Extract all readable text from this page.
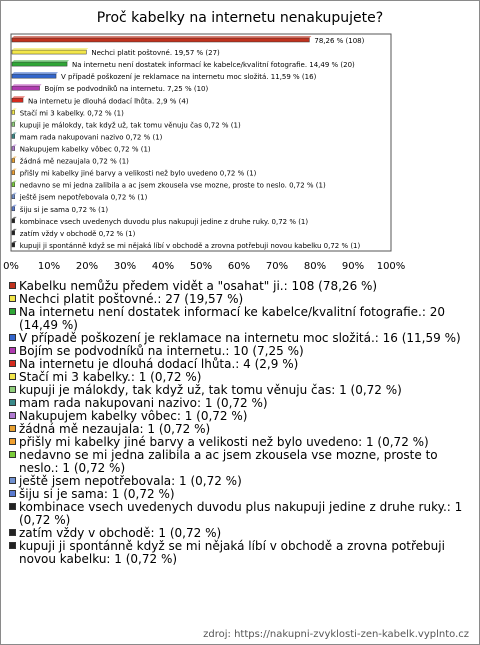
Proč kabelky na internetu nenakupujete?
78,26 % (108)
Nechci platit poštovné. 19,57 % (27)
Na internetu není dostatek informací ke kabelce/kvalitní fotografie. 14,49 % (20)
V případě poškození je reklamace na internetu moc složitá. 11,59 % (16)
Bojím se podvodníků na internetu. 7,25 % (10)
Na internetu je dlouhá dodací lhůta. 2,9 % (4)
Stačí mi 3 kabelky. 0,72 % (1)
kupuji je málokdy, tak když už, tak tomu věnuju čas 0,72 % (1)
mam rada nakupovani nazivo 0,72 % (1)
Nakupujem kabelky vôbec 0,72 % (1)
žádná mě nezaujala 0,72 % (1)
přišly mi kabelky jiné barvy a velikosti než bylo uvedeno 0,72 % (1)
nedavno se mi jedna zalibila a ac jsem zkousela vse mozne, proste to neslo. 0,72 % (1)
ještě jsem nepotřebovala 0,72 % (1)
šiju si je sama 0,72 % (1)
kombinace vsech uvedenych duvodu plus nakupuji jedine z druhe ruky. 0,72 % (1)
zatím vždy v obchodě 0,72 % (1)
kupuji ji spontánně když se mi nějaká líbí v obchodě a zrovna potřebuji novou kabelku 0,72 % (1)
0% 10% 20% 30% 40% 50% 60% 70% 80% 90% 100%
Kabelku nemůžu předem vidět a "osahat" ji.: 108 (78,26 %)
Nechci platit poštovné.: 27 (19,57 %)
Na internetu není dostatek informací ke kabelce/kvalitní fotografie.: 20 (14,49 %)
V případě poškození je reklamace na internetu moc složitá.: 16 (11,59 %)
Bojím se podvodníků na internetu.: 10 (7,25 %)
Na internetu je dlouhá dodací lhůta.: 4 (2,9 %)
Stačí mi 3 kabelky.: 1 (0,72 %)
kupuji je málokdy, tak když už, tak tomu věnuju čas: 1 (0,72 %)
mam rada nakupovani nazivo: 1 (0,72 %)
Nakupujem kabelky vôbec: 1 (0,72 %)
žádná mě nezaujala: 1 (0,72 %)
přišly mi kabelky jiné barvy a velikosti než bylo uvedeno: 1 (0,72 %)
nedavno se mi jedna zalibila a ac jsem zkousela vse mozne, proste to neslo.: 1 (0,72 %)
ještě jsem nepotřebovala: 1 (0,72 %)
šiju si je sama: 1 (0,72 %)
kombinace vsech uvedenych duvodu plus nakupuji jedine z druhe ruky.: 1 (0,72 %)
zatím vždy v obchodě: 1 (0,72 %)
kupuji ji spontánně když se mi nějaká líbí v obchodě a zrovna potřebuji novou kabelku: 1 (0,72 %)
zdroj: https://nakupni-zvyklosti-zen-kabelk.vyplnto.cz
